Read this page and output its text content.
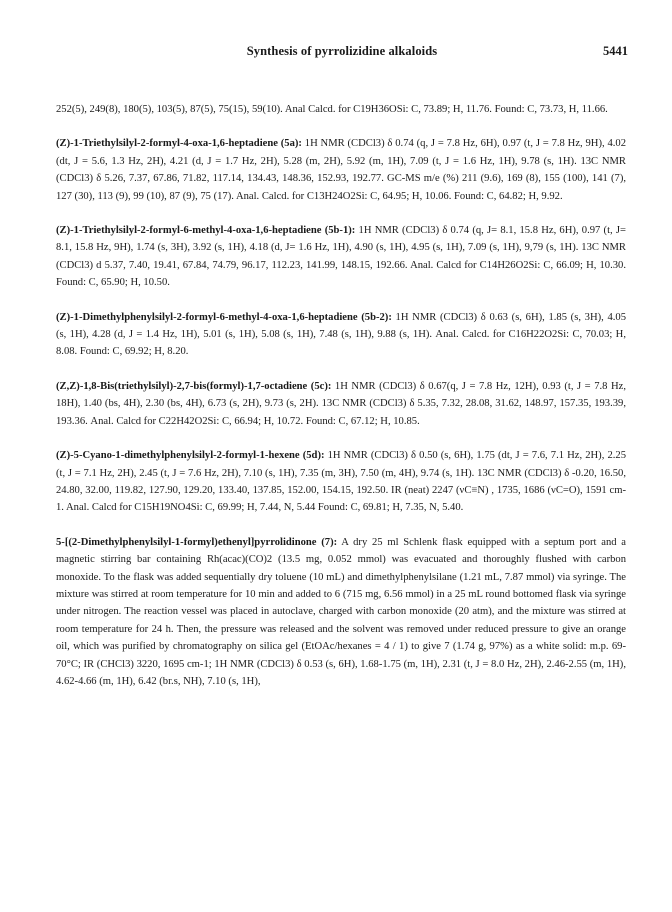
Synthesis of pyrrolizidine alkaloids	5441

252(5), 249(8), 180(5), 103(5), 87(5), 75(15), 59(10). Anal Calcd. for C19H36OSi: C, 73.89; H, 11.76. Found: C, 73.73, H, 11.66.

(Z)-1-Triethylsilyl-2-formyl-4-oxa-1,6-heptadiene (5a): 1H NMR (CDCl3) δ 0.74 (q, J = 7.8 Hz, 6H), 0.97 (t, J = 7.8 Hz, 9H), 4.02 (dt, J = 5.6, 1.3 Hz, 2H), 4.21 (d, J = 1.7 Hz, 2H), 5.28 (m, 2H), 5.92 (m, 1H), 7.09 (t, J = 1.6 Hz, 1H), 9.78 (s, 1H). 13C NMR (CDCl3) δ 5.26, 7.37, 67.86, 71.82, 117.14, 134.43, 148.36, 152.93, 192.77. GC-MS m/e (%) 211 (9.6), 169 (8), 155 (100), 141 (7), 127 (30), 113 (9), 99 (10), 87 (9), 75 (17). Anal. Calcd. for C13H24O2Si: C, 64.95; H, 10.06. Found: C, 64.82; H, 9.92.

(Z)-1-Triethylsilyl-2-formyl-6-methyl-4-oxa-1,6-heptadiene (5b-1): 1H NMR (CDCl3) δ 0.74 (q, J= 8.1, 15.8 Hz, 6H), 0.97 (t, J= 8.1, 15.8 Hz, 9H), 1.74 (s, 3H), 3.92 (s, 1H), 4.18 (d, J= 1.6 Hz, 1H), 4.90 (s, 1H), 4.95 (s, 1H), 7.09 (s, 1H), 9,79 (s, 1H). 13C NMR (CDCl3) d 5.37, 7.40, 19.41, 67.84, 74.79, 96.17, 112.23, 141.99, 148.15, 192.66. Anal. Calcd for C14H26O2Si: C, 66.09; H, 10.30. Found: C, 65.90; H, 10.50.

(Z)-1-Dimethylphenylsilyl-2-formyl-6-methyl-4-oxa-1,6-heptadiene (5b-2): 1H NMR (CDCl3) δ 0.63 (s, 6H), 1.85 (s, 3H), 4.05 (s, 1H), 4.28 (d, J = 1.4 Hz, 1H), 5.01 (s, 1H), 5.08 (s, 1H), 7.48 (s, 1H), 9.88 (s, 1H). Anal. Calcd. for C16H22O2Si: C, 70.03; H, 8.08. Found: C, 69.92; H, 8.20.

(Z,Z)-1,8-Bis(triethylsilyl)-2,7-bis(formyl)-1,7-octadiene (5c): 1H NMR (CDCl3) δ 0.67(q, J = 7.8 Hz, 12H), 0.93 (t, J = 7.8 Hz, 18H), 1.40 (bs, 4H), 2.30 (bs, 4H), 6.73 (s, 2H), 9.73 (s, 2H). 13C NMR (CDCl3) δ 5.35, 7.32, 28.08, 31.62, 148.97, 157.35, 193.39, 193.36. Anal. Calcd for C22H42O2Si: C, 66.94; H, 10.72. Found: C, 67.12; H, 10.85.

(Z)-5-Cyano-1-dimethylphenylsilyl-2-formyl-1-hexene (5d): 1H NMR (CDCl3) δ 0.50 (s, 6H), 1.75 (dt, J = 7.6, 7.1 Hz, 2H), 2.25 (t, J = 7.1 Hz, 2H), 2.45 (t, J = 7.6 Hz, 2H), 7.10 (s, 1H), 7.35 (m, 3H), 7.50 (m, 4H), 9.74 (s, 1H). 13C NMR (CDCl3) δ -0.20, 16.50, 24.80, 32.00, 119.82, 127.90, 129.20, 133.40, 137.85, 152.00, 154.15, 192.50. IR (neat) 2247 (νC≡N) , 1735, 1686 (νC=O), 1591 cm-1. Anal. Calcd for C15H19NO4Si: C, 69.99; H, 7.44, N, 5.44 Found: C, 69.81; H, 7.35, N, 5.40.

5-[(2-Dimethylphenylsilyl-1-formyl)ethenyl]pyrrolidinone (7): A dry 25 ml Schlenk flask equipped with a septum port and a magnetic stirring bar containing Rh(acac)(CO)2 (13.5 mg, 0.052 mmol) was evacuated and thoroughly flushed with carbon monoxide. To the flask was added sequentially dry toluene (10 mL) and dimethylphenylsilane (1.21 mL, 7.87 mmol) via syringe. The mixture was stirred at room temperature for 10 min and added to 6 (715 mg, 6.56 mmol) in a 25 mL round bottomed flask via syringe under nitrogen. The reaction vessel was placed in autoclave, charged with carbon monoxide (20 atm), and the mixture was stirred at room temperature for 24 h. Then, the pressure was released and the solvent was removed under reduced pressure to give an orange oil, which was purified by chromatography on silica gel (EtOAc/hexanes = 4 / 1) to give 7 (1.74 g, 97%) as a white solid: m.p. 69-70°C; IR (CHCl3) 3220, 1695 cm-1; 1H NMR (CDCl3) δ 0.53 (s, 6H), 1.68-1.75 (m, 1H), 2.31 (t, J = 8.0 Hz, 2H), 2.46-2.55 (m, 1H), 4.62-4.66 (m, 1H), 6.42 (br.s, NH), 7.10 (s, 1H),
